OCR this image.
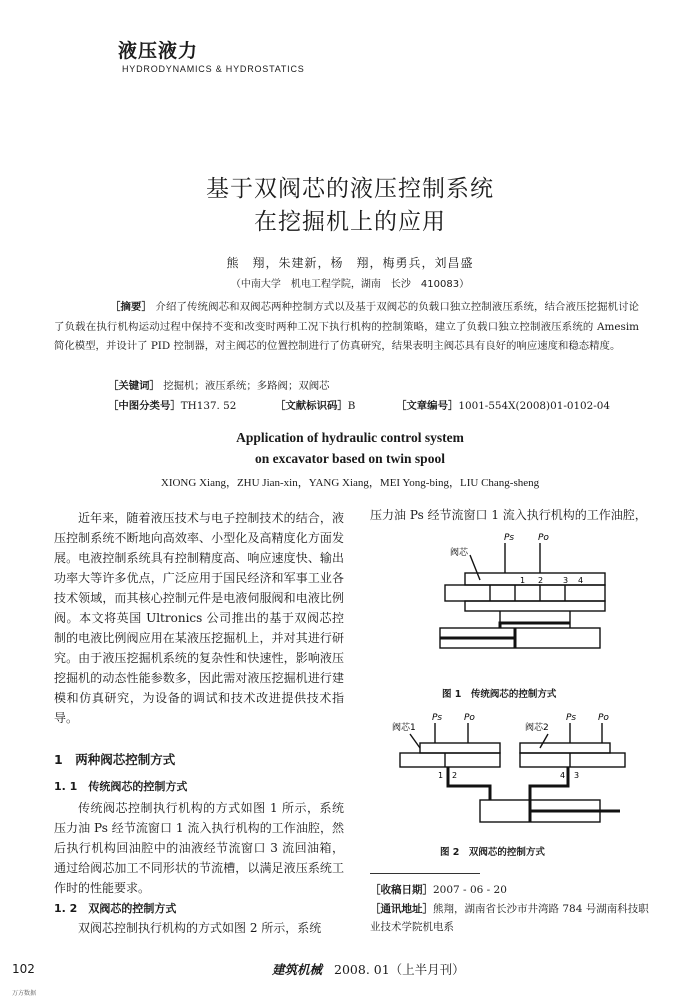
液压液力
HYDRODYNAMICS & HYDROSTATICS
基于双阀芯的液压控制系统
在挖掘机上的应用
熊　翔，朱建新，杨　翔，梅勇兵，刘昌盛
（中南大学　机电工程学院，湖南　长沙　410083）
［摘要］ 介绍了传统阀芯和双阀芯两种控制方式以及基于双阀芯的负载口独立控制液压系统，结合液压挖掘机讨论了负载在执行机构运动过程中保持不变和改变时两种工况下执行机构的控制策略，建立了负载口独立控制液压系统的 Amesim 简化模型，并设计了 PID 控制器，对主阀芯的位置控制进行了仿真研究，结果表明主阀芯具有良好的响应速度和稳态精度。
［关键词］ 挖掘机；液压系统；多路阀；双阀芯
［中图分类号］TH137. 52	［文献标识码］B	［文章编号］1001-554X(2008)01-0102-04
Application of hydraulic control system
on excavator based on twin spool
XIONG Xiang，ZHU Jian-xin，YANG Xiang，MEI Yong-bing，LIU Chang-sheng

近年来，随着液压技术与电子控制技术的结合，液压控制系统不断地向高效率、小型化及高精度化方面发展。电液控制系统具有控制精度高、响应速度快、输出功率大等许多优点，广泛应用于国民经济和军事工业各技术领域，而其核心控制元件是电液伺服阀和电液比例阀。本文将英国 Ultronics 公司推出的基于双阀芯控制的电液比例阀应用在某液压挖掘机上，并对其进行研究。由于液压挖掘机系统的复杂性和快速性，影响液压挖掘机的动态性能参数多，因此需对液压挖掘机进行建模和仿真研究，为设备的调试和技术改进提供技术指导。

1　两种阀芯控制方式
1. 1　传统阀芯的控制方式

传统阀芯控制执行机构的方式如图 1 所示，系统压力油 Ps 经节流窗口 1 流入执行机构的工作油腔，然后执行机构回油腔中的油液经节流窗口 3 流回油箱，通过给阀芯加工不同形状的节流槽，以满足液压系统工作时的性能要求。

1. 2　双阀芯的控制方式

双阀芯控制执行机构的方式如图 2 所示，系统

压力油 Ps 经节流窗口 1 流入执行机构的工作油腔，
Ps	Po
阀芯
1 2 3 4
图 1　传统阀芯的控制方式
阀芯1
Ps Po
阀芯2
Ps Po
1 2	4 3
图 2　双阀芯的控制方式
［收稿日期］2007 - 06 - 20
［通讯地址］熊翔，湖南省长沙市井湾路 784 号湖南科技职
业技术学院机电系
102	建筑机械 2008. 01（上半月刊）
万方数据
